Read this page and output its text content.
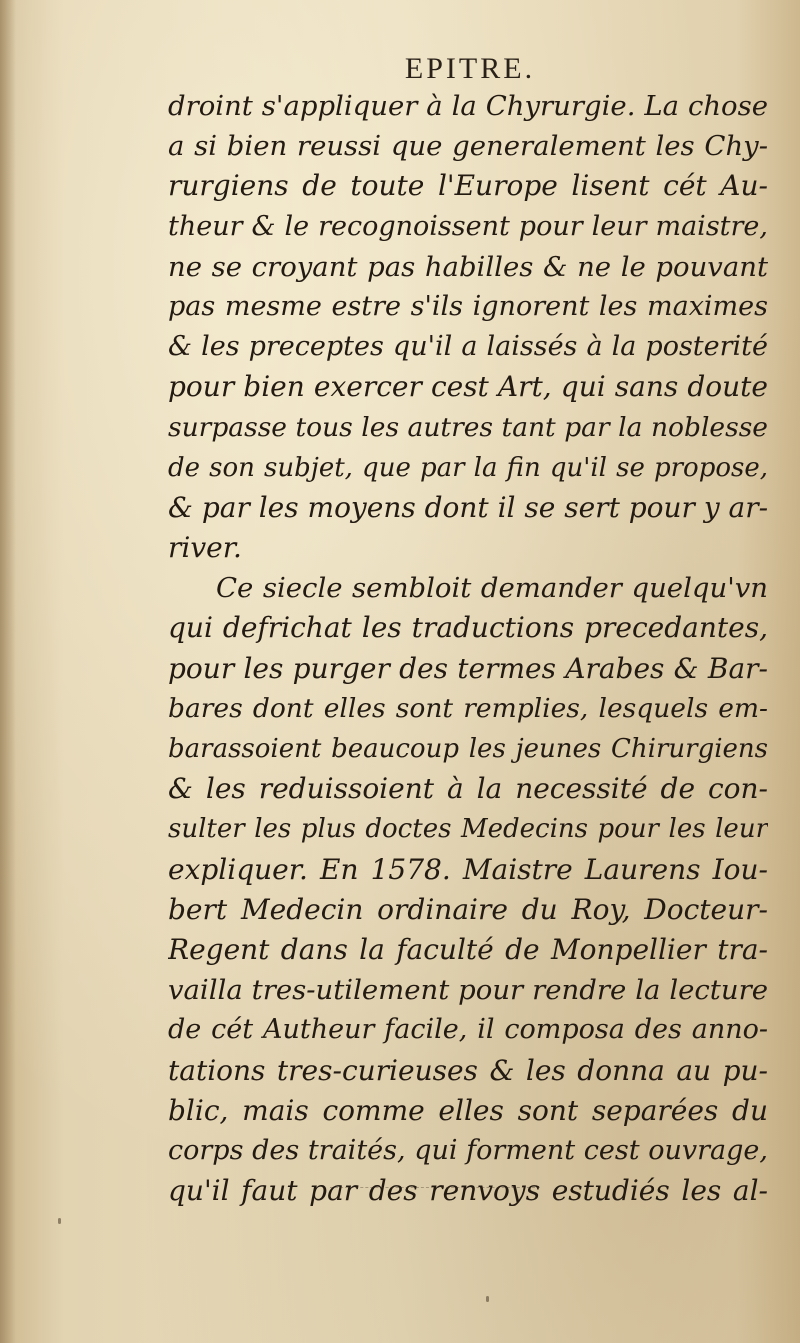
EPITRE.
droint s'appliquer à la Chyrurgie. La chose
a si bien reussi que generalement les Chy-
rurgiens de toute l'Europe lisent cét Au-
theur & le recognoissent pour leur maistre,
ne se croyant pas habilles & ne le pouvant
pas mesme estre s'ils ignorent les maximes
& les preceptes qu'il a laissés à la posterité
pour bien exercer cest Art, qui sans doute
surpasse tous les autres tant par la noblesse
de son subjet, que par la fin qu'il se propose,
& par les moyens dont il se sert pour y ar-
river.
Ce siecle sembloit demander quelqu'vn
qui defrichat les traductions precedantes,
pour les purger des termes Arabes & Bar-
bares dont elles sont remplies, lesquels em-
barassoient beaucoup les jeunes Chirurgiens
& les reduissoient à la necessité de con-
sulter les plus doctes Medecins pour les leur
expliquer. En 1578. Maistre Laurens Iou-
bert Medecin ordinaire du Roy, Docteur-
Regent dans la faculté de Monpellier tra-
vailla tres-utilement pour rendre la lecture
de cét Autheur facile, il composa des anno-
tations tres-curieuses & les donna au pu-
blic, mais comme elles sont separées du
corps des traités, qui forment cest ouvrage,
qu'il faut par des renvoys estudiés les al-
